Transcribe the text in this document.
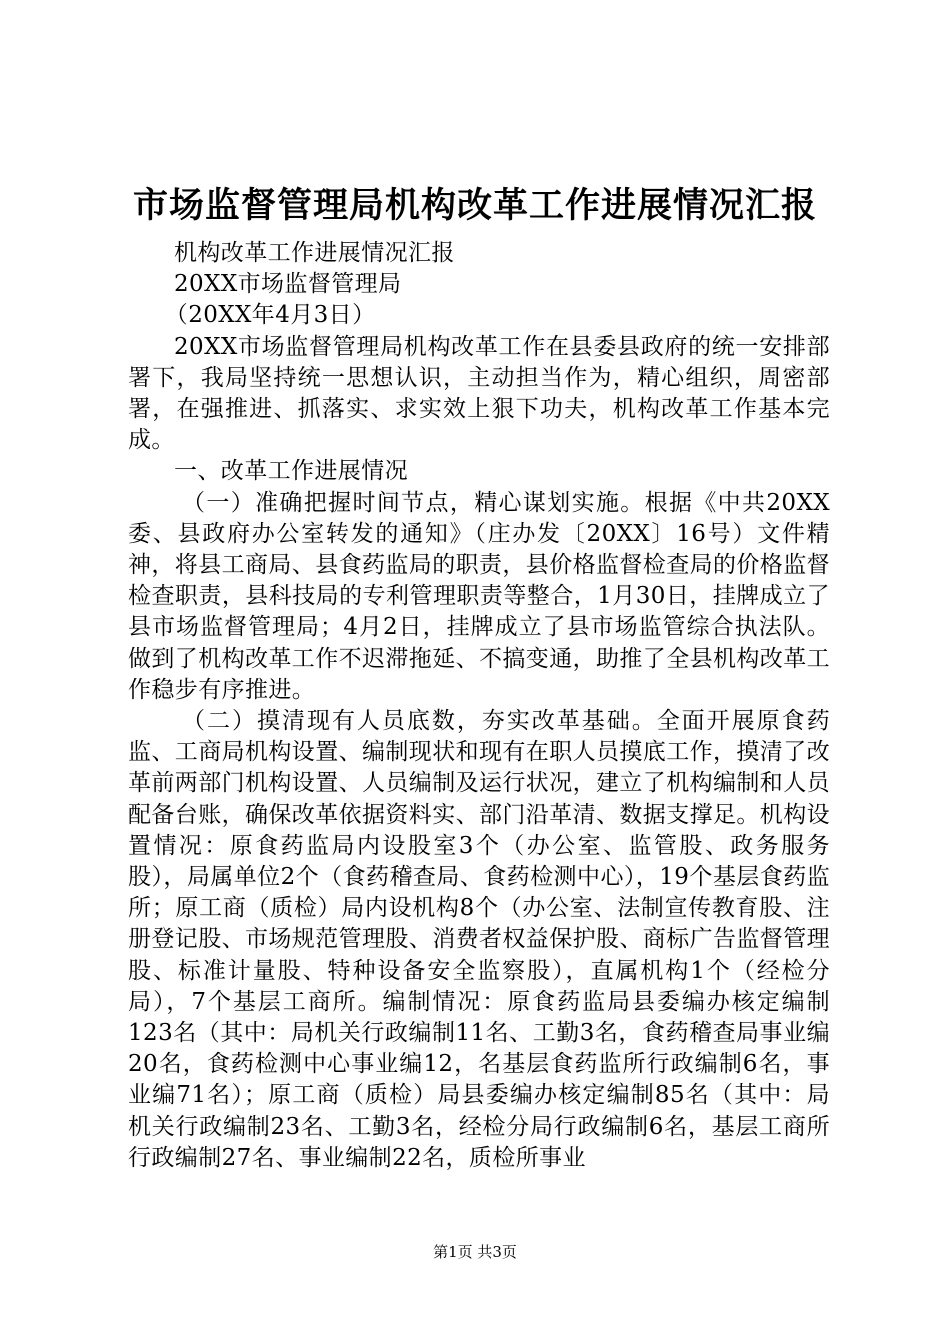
市场监督管理局机构改革工作进展情况汇报

机构改革工作进展情况汇报

20XX市场监督管理局

（20XX年4月3日）

20XX市场监督管理局机构改革工作在县委县政府的统一安排部署下，我局坚持统一思想认识，主动担当作为，精心组织，周密部署，在强推进、抓落实、求实效上狠下功夫，机构改革工作基本完成。

一、改革工作进展情况

（一）准确把握时间节点，精心谋划实施。根据《中共20XX委、县政府办公室转发的通知》（庄办发〔20XX〕16号）文件精神，将县工商局、县食药监局的职责，县价格监督检查局的价格监督检查职责，县科技局的专利管理职责等整合，1月30日，挂牌成立了县市场监督管理局；4月2日，挂牌成立了县市场监管综合执法队。做到了机构改革工作不迟滞拖延、不搞变通，助推了全县机构改革工作稳步有序推进。

（二）摸清现有人员底数，夯实改革基础。全面开展原食药监、工商局机构设置、编制现状和现有在职人员摸底工作，摸清了改革前两部门机构设置、人员编制及运行状况，建立了机构编制和人员配备台账，确保改革依据资料实、部门沿革清、数据支撑足。机构设置情况：原食药监局内设股室3个（办公室、监管股、政务服务股），局属单位2个（食药稽查局、食药检测中心），19个基层食药监所；原工商（质检）局内设机构8个（办公室、法制宣传教育股、注册登记股、市场规范管理股、消费者权益保护股、商标广告监督管理股、标准计量股、特种设备安全监察股），直属机构1个（经检分局），7个基层工商所。编制情况：原食药监局县委编办核定编制123名（其中：局机关行政编制11名、工勤3名，食药稽查局事业编20名，食药检测中心事业编12，名基层食药监所行政编制6名，事业编71名）；原工商（质检）局县委编办核定编制85名（其中：局机关行政编制23名、工勤3名，经检分局行政编制6名，基层工商所行政编制27名、事业编制22名，质检所事业

第1页 共3页
